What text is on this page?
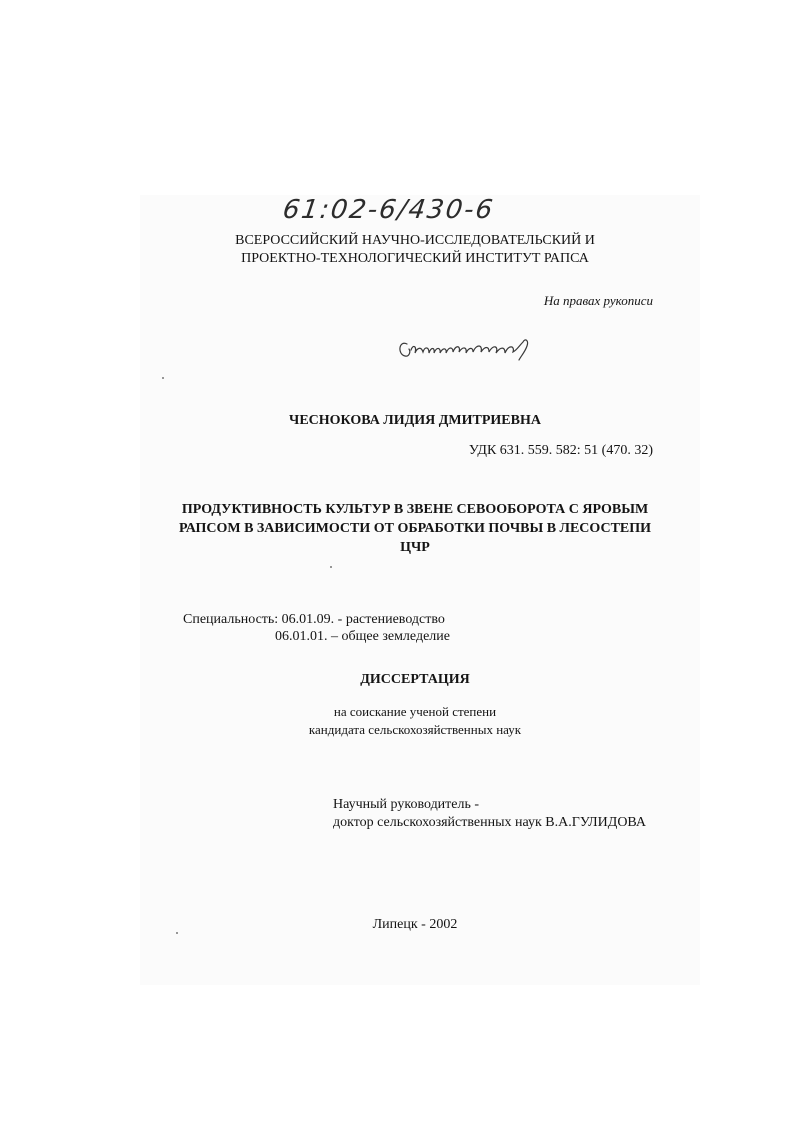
61:02-6/430-6
ВСЕРОССИЙСКИЙ НАУЧНО-ИССЛЕДОВАТЕЛЬСКИЙ И
ПРОЕКТНО-ТЕХНОЛОГИЧЕСКИЙ ИНСТИТУТ РАПСА
На правах рукописи
ЧЕСНОКОВА ЛИДИЯ ДМИТРИЕВНА
УДК 631. 559. 582: 51 (470. 32)
ПРОДУКТИВНОСТЬ КУЛЬТУР В ЗВЕНЕ СЕВООБОРОТА С ЯРОВЫМ
РАПСОМ В ЗАВИСИМОСТИ ОТ ОБРАБОТКИ ПОЧВЫ В ЛЕСОСТЕПИ
ЦЧР
Специальность: 06.01.09. - растениеводство
06.01.01. – общее земледелие
ДИССЕРТАЦИЯ
на соискание ученой степени
кандидата сельскохозяйственных наук
Научный руководитель -
доктор сельскохозяйственных наук В.А.ГУЛИДОВА
Липецк - 2002
